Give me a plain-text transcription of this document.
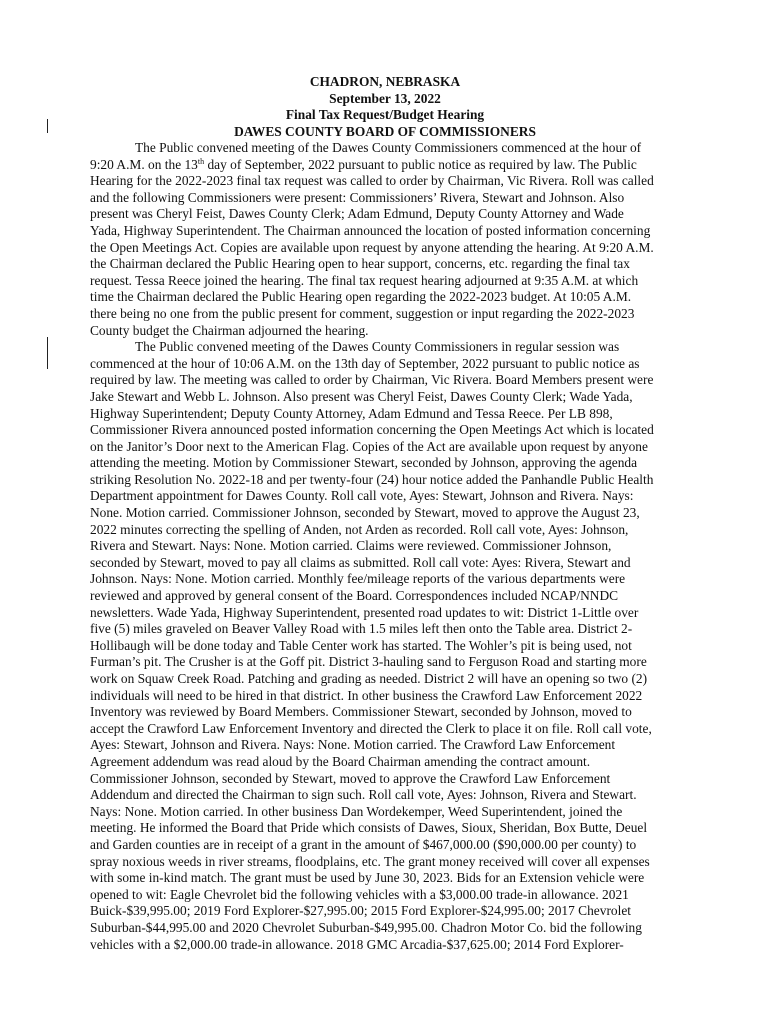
CHADRON, NEBRASKA
September 13, 2022
Final Tax Request/Budget Hearing
DAWES COUNTY BOARD OF COMMISSIONERS
The Public convened meeting of the Dawes County Commissioners commenced at the hour of
9:20 A.M. on the 13th day of September, 2022 pursuant to public notice as required by law. The Public
Hearing for the 2022-2023 final tax request was called to order by Chairman, Vic Rivera. Roll was called
and the following Commissioners were present: Commissioners’ Rivera, Stewart and Johnson. Also
present was Cheryl Feist, Dawes County Clerk; Adam Edmund, Deputy County Attorney and Wade
Yada, Highway Superintendent. The Chairman announced the location of posted information concerning
the Open Meetings Act. Copies are available upon request by anyone attending the hearing. At 9:20 A.M.
the Chairman declared the Public Hearing open to hear support, concerns, etc. regarding the final tax
request. Tessa Reece joined the hearing. The final tax request hearing adjourned at 9:35 A.M. at which
time the Chairman declared the Public Hearing open regarding the 2022-2023 budget. At 10:05 A.M.
there being no one from the public present for comment, suggestion or input regarding the 2022-2023
County budget the Chairman adjourned the hearing.
The Public convened meeting of the Dawes County Commissioners in regular session was
commenced at the hour of 10:06 A.M. on the 13th day of September, 2022 pursuant to public notice as
required by law. The meeting was called to order by Chairman, Vic Rivera. Board Members present were
Jake Stewart and Webb L. Johnson. Also present was Cheryl Feist, Dawes County Clerk; Wade Yada,
Highway Superintendent; Deputy County Attorney, Adam Edmund and Tessa Reece. Per LB 898,
Commissioner Rivera announced posted information concerning the Open Meetings Act which is located
on the Janitor’s Door next to the American Flag. Copies of the Act are available upon request by anyone
attending the meeting. Motion by Commissioner Stewart, seconded by Johnson, approving the agenda
striking Resolution No. 2022-18 and per twenty-four (24) hour notice added the Panhandle Public Health
Department appointment for Dawes County. Roll call vote, Ayes: Stewart, Johnson and Rivera. Nays:
None. Motion carried. Commissioner Johnson, seconded by Stewart, moved to approve the August 23,
2022 minutes correcting the spelling of Anden, not Arden as recorded. Roll call vote, Ayes: Johnson,
Rivera and Stewart. Nays: None. Motion carried. Claims were reviewed. Commissioner Johnson,
seconded by Stewart, moved to pay all claims as submitted. Roll call vote: Ayes: Rivera, Stewart and
Johnson. Nays: None. Motion carried. Monthly fee/mileage reports of the various departments were
reviewed and approved by general consent of the Board. Correspondences included NCAP/NNDC
newsletters. Wade Yada, Highway Superintendent, presented road updates to wit: District 1-Little over
five (5) miles graveled on Beaver Valley Road with 1.5 miles left then onto the Table area. District 2-
Hollibaugh will be done today and Table Center work has started. The Wohler’s pit is being used, not
Furman’s pit. The Crusher is at the Goff pit. District 3-hauling sand to Ferguson Road and starting more
work on Squaw Creek Road. Patching and grading as needed. District 2 will have an opening so two (2)
individuals will need to be hired in that district. In other business the Crawford Law Enforcement 2022
Inventory was reviewed by Board Members. Commissioner Stewart, seconded by Johnson, moved to
accept the Crawford Law Enforcement Inventory and directed the Clerk to place it on file. Roll call vote,
Ayes: Stewart, Johnson and Rivera. Nays: None. Motion carried. The Crawford Law Enforcement
Agreement addendum was read aloud by the Board Chairman amending the contract amount.
Commissioner Johnson, seconded by Stewart, moved to approve the Crawford Law Enforcement
Addendum and directed the Chairman to sign such. Roll call vote, Ayes: Johnson, Rivera and Stewart.
Nays: None. Motion carried. In other business Dan Wordekemper, Weed Superintendent, joined the
meeting. He informed the Board that Pride which consists of Dawes, Sioux, Sheridan, Box Butte, Deuel
and Garden counties are in receipt of a grant in the amount of $467,000.00 ($90,000.00 per county) to
spray noxious weeds in river streams, floodplains, etc. The grant money received will cover all expenses
with some in-kind match. The grant must be used by June 30, 2023. Bids for an Extension vehicle were
opened to wit: Eagle Chevrolet bid the following vehicles with a $3,000.00 trade-in allowance. 2021
Buick-$39,995.00; 2019 Ford Explorer-$27,995.00; 2015 Ford Explorer-$24,995.00; 2017 Chevrolet
Suburban-$44,995.00 and 2020 Chevrolet Suburban-$49,995.00. Chadron Motor Co. bid the following
vehicles with a $2,000.00 trade-in allowance. 2018 GMC Arcadia-$37,625.00; 2014 Ford Explorer-
